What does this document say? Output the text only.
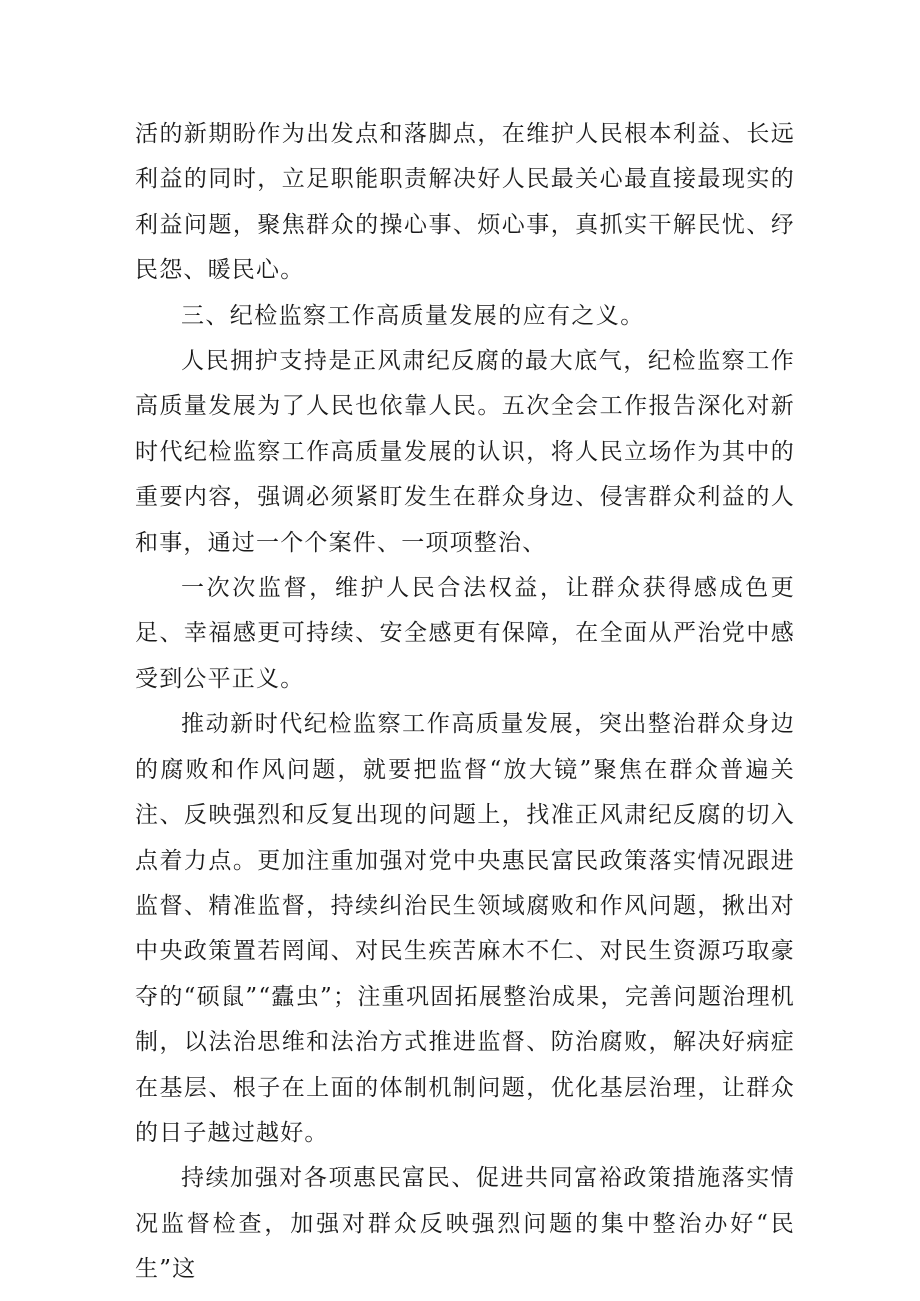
活的新期盼作为出发点和落脚点，在维护人民根本利益、长远利益的同时，立足职能职责解决好人民最关心最直接最现实的利益问题，聚焦群众的操心事、烦心事，真抓实干解民忧、纾民怨、暖民心。

三、纪检监察工作高质量发展的应有之义。

人民拥护支持是正风肃纪反腐的最大底气，纪检监察工作高质量发展为了人民也依靠人民。五次全会工作报告深化对新时代纪检监察工作高质量发展的认识，将人民立场作为其中的重要内容，强调必须紧盯发生在群众身边、侵害群众利益的人和事，通过一个个案件、一项项整治、

一次次监督，维护人民合法权益，让群众获得感成色更足、幸福感更可持续、安全感更有保障，在全面从严治党中感受到公平正义。

推动新时代纪检监察工作高质量发展，突出整治群众身边的腐败和作风问题，就要把监督“放大镜”聚焦在群众普遍关注、反映强烈和反复出现的问题上，找准正风肃纪反腐的切入点着力点。更加注重加强对党中央惠民富民政策落实情况跟进监督、精准监督，持续纠治民生领域腐败和作风问题，揪出对中央政策置若罔闻、对民生疾苦麻木不仁、对民生资源巧取豪夺的“硕鼠”“蠹虫”；注重巩固拓展整治成果，完善问题治理机制，以法治思维和法治方式推进监督、防治腐败，解决好病症在基层、根子在上面的体制机制问题，优化基层治理，让群众的日子越过越好。

持续加强对各项惠民富民、促进共同富裕政策措施落实情况监督检查，加强对群众反映强烈问题的集中整治办好“民生”这
